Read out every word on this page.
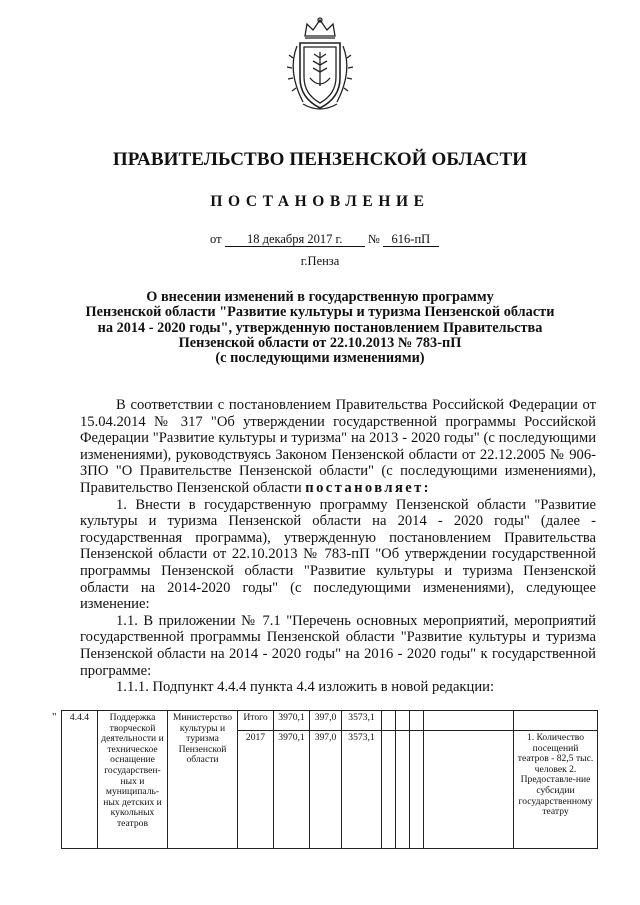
ПРАВИТЕЛЬСТВО ПЕНЗЕНСКОЙ ОБЛАСТИ
ПОСТАНОВЛЕНИЕ
от 18 декабря 2017 г. № 616-пП
г.Пенза
О внесении изменений в государственную программу
Пензенской области "Развитие культуры и туризма Пензенской области
на 2014 - 2020 годы", утвержденную постановлением Правительства
Пензенской области от 22.10.2013 № 783-пП
(с последующими изменениями)

В соответствии с постановлением Правительства Российской Федерации от 15.04.2014 № 317 "Об утверждении государственной программы Российской Федерации "Развитие культуры и туризма" на 2013 - 2020 годы" (с последующими изменениями), руководствуясь Законом Пензенской области от 22.12.2005 № 906-ЗПО "О Правительстве Пензенской области" (с последующими изменениями), Правительство Пензенской области постановляет:

1. Внести в государственную программу Пензенской области "Развитие культуры и туризма Пензенской области на 2014 - 2020 годы" (далее - государственная программа), утвержденную постановлением Правительства Пензенской области от 22.10.2013 № 783-пП "Об утверждении государственной программы Пензенской области "Развитие культуры и туризма Пензенской области на 2014-2020 годы" (с последующими изменениями), следующее изменение:

1.1. В приложении № 7.1 "Перечень основных мероприятий, мероприятий государственной программы Пензенской области "Развитие культуры и туризма Пензенской области на 2014 - 2020 годы" на 2016 - 2020 годы" к государственной программе:

1.1.1. Подпункт 4.4.4 пункта 4.4 изложить в новой редакции:

" 4.4.4	Поддержка творческой деятельности и техническое оснащение государствен-ных и муниципаль-ных детских и кукольных театров	Министерство культуры и туризма Пензенской области	Итого	3970,1	397,0	3573,1					
			2017	3970,1	397,0	3573,1					1. Количество посещений театров - 82,5 тыс. человек 2. Предоставле-ние субсидии государственному театру
